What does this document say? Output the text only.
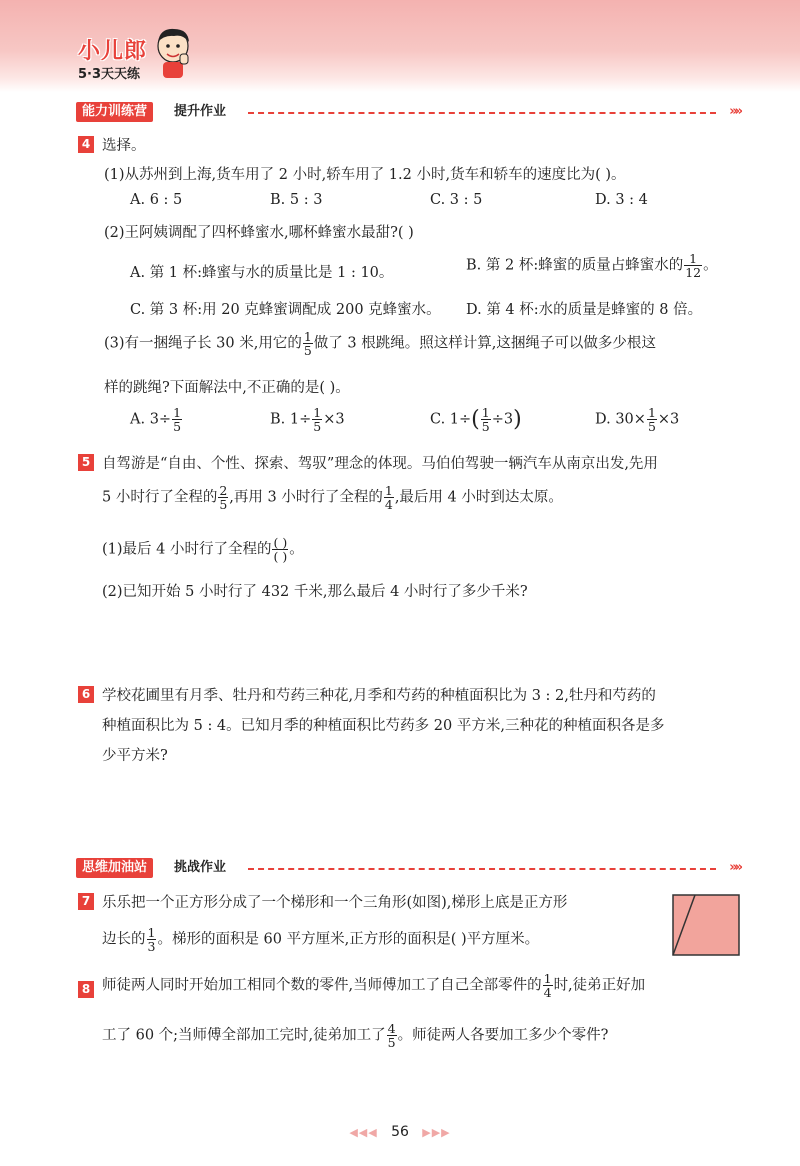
小儿郎
5·3天天练
能力训练营	提升作业	»»
4 选择。
(1)从苏州到上海,货车用了 2 小时,轿车用了 1.2 小时,货车和轿车的速度比为( )。
A. 6 : 5	B. 5 : 3	C. 3 : 5	D. 3 : 4
(2)王阿姨调配了四杯蜂蜜水,哪杯蜂蜜水最甜?( )
A. 第 1 杯:蜂蜜与水的质量比是 1 : 10。	B. 第 2 杯:蜂蜜的质量占蜂蜜水的 $\frac{1}{12}$ 。
C. 第 3 杯:用 20 克蜂蜜调配成 200 克蜂蜜水。 D. 第 4 杯:水的质量是蜂蜜的 8 倍。
(3)有一捆绳子长 30 米,用它的 $\frac{1}{5}$ 做了 3 根跳绳。照这样计算,这捆绳子可以做多少根这
样的跳绳?下面解法中,不正确的是( )。
A. $3\div \frac{1}{5}$	B. $1\div \frac{1}{5} \times 3$	C. $1\div( \frac{1}{5} \div 3)$	D. $30\times \frac{1}{5} \times 3$
5 自驾游是“自由、个性、探索、驾驭”理念的体现。马伯伯驾驶一辆汽车从南京出发,先用
5 小时行了全程的 $\frac{2}{5}$ ,再用 3 小时行了全程的 $\frac{1}{4}$ ,最后用 4 小时到达太原。
(1)最后 4 小时行了全程的 $\frac{( )}{( )}$ 。
(2)已知开始 5 小时行了 432 千米,那么最后 4 小时行了多少千米?
6 学校花圃里有月季、牡丹和芍药三种花,月季和芍药的种植面积比为 3 : 2,牡丹和芍药的
种植面积比为 5 : 4。已知月季的种植面积比芍药多 20 平方米,三种花的种植面积各是多
少平方米?
思维加油站	挑战作业	»»
7 乐乐把一个正方形分成了一个梯形和一个三角形(如图),梯形上底是正方形
边长的 $\frac{1}{3}$ 。梯形的面积是 60 平方厘米,正方形的面积是( )平方厘米。
8 师徒两人同时开始加工相同个数的零件,当师傅加工了自己全部零件的 $\frac{1}{4}$ 时,徒弟正好加
工了 60 个;当师傅全部加工完时,徒弟加工了 $\frac{4}{5}$ 。师徒两人各要加工多少个零件?
◀◀◀ 56 ▶▶▶
